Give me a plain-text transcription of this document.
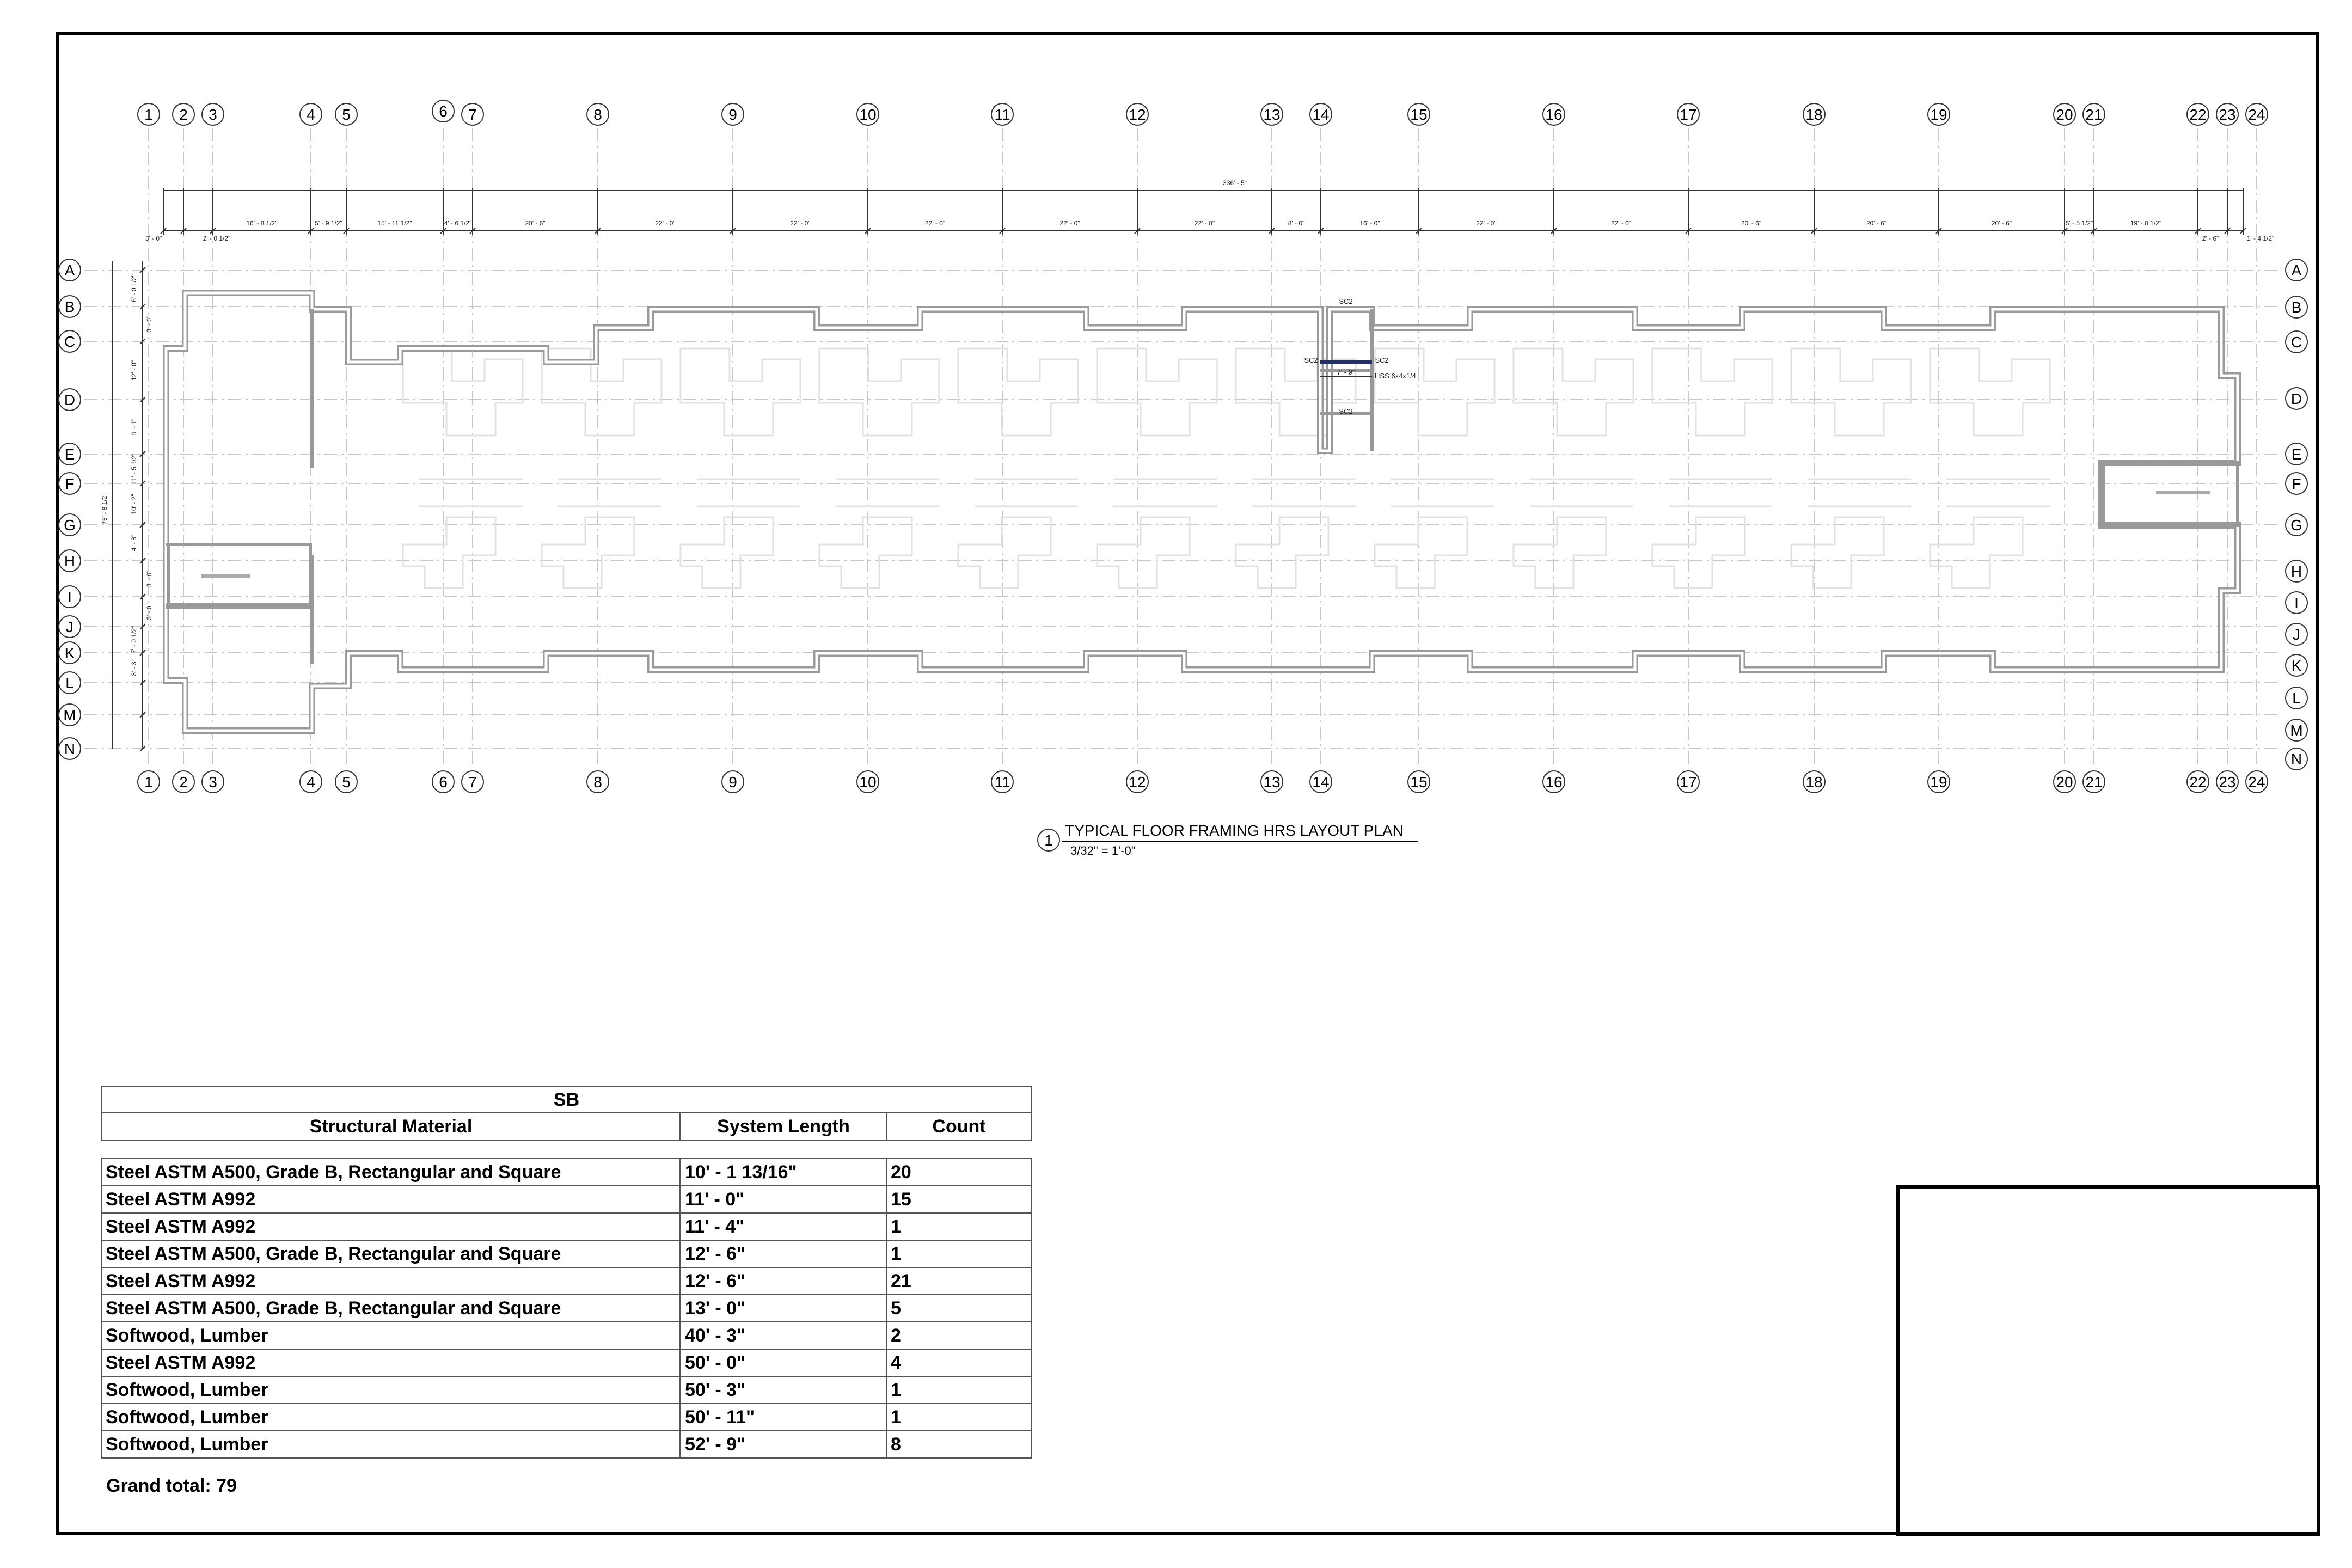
336' - 5"
3' - 0"	2' - 0 1/2"
16' - 8 1/2"	5' - 9 1/2"	15' - 11 1/2"	4' - 6 1/2"	20' - 6"	22' - 0"	22' - 0"	22' - 0"	22' - 0"	22' - 0"	8' - 0"	16' - 0"	22' - 0"	22' - 0"	20' - 6"	20' - 6"	20' - 6"	5' - 5 1/2"	19' - 0 1/2"
2' - 6"	1' - 4 1/2"
6' - 0 1/2"
3' - 0"
12' - 0"
9' - 1"
11' - 5 1/2"
10' - 2"
4' - 8"
3' - 0"
3' - 0"
7' - 0 1/2"
3' - 3"
75' - 8 1/2"
1
1
2
2
3
3
4
4
5
5
6
6
7
7
8
8
9
9
10
10
11
11
12
12
13
13
14
14
15
15
16
16
17
17
18
18
19
19
20
20
21
21
22
22
23
23
24
24
A	A
B	B
C	C
D	D
E	E
F	F
G	G
H
H
I	I
J	J
K
K
L
L
M
M
N
N
SC2
SC2	SC2
SC2
7' - 9"	HSS 6x4x1/4
1
TYPICAL FLOOR FRAMING HRS LAYOUT PLAN
3/32" = 1'-0"
SB		
Structural Material	System Length	Count

Steel ASTM A500, Grade B, Rectangular and Square	10' - 1 13/16"	20
Steel ASTM A992	11' - 0"	15
Steel ASTM A992	11' - 4"	1
Steel ASTM A500, Grade B, Rectangular and Square	12' - 6"	1
Steel ASTM A992	12' - 6"	21
Steel ASTM A500, Grade B, Rectangular and Square	13' - 0"	5
Softwood, Lumber	40' - 3"	2
Steel ASTM A992	50' - 0"	4
Softwood, Lumber	50' - 3"	1
Softwood, Lumber	50' - 11"	1
Softwood, Lumber	52' - 9"	8
Grand total: 79
